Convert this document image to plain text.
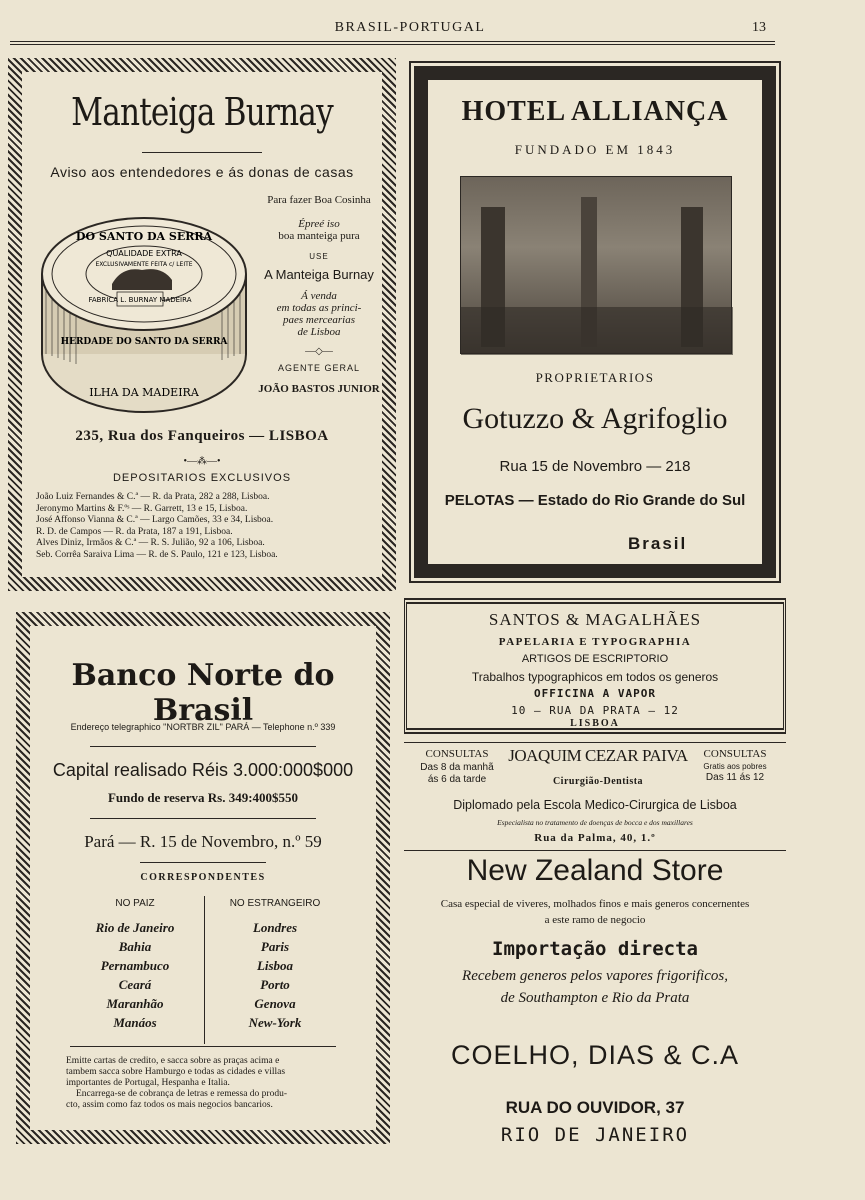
BRASIL-PORTUGAL	13
Manteiga Burnay
Aviso aos entendedores e ás donas de casas
FABRICA L. BURNAY MADEIRA
DO SANTO DA SERRA
QUALIDADE EXTRA
EXCLUSIVAMENTE FEITA c/ LEITE
HERDADE DO SANTO DA SERRA
ILHA DA MADEIRA
Para fazer Boa Cosinha
Épreé iso
boa manteiga pura
USE
A Manteiga Burnay
Á venda
em todas as princi-
paes mercearias
de Lisboa
—◇—
AGENTE GERAL
JOÃO BASTOS JUNIOR
235, Rua dos Fanqueiros — LISBOA
•—⁂—•
DEPOSITARIOS EXCLUSIVOS
João Luiz Fernandes & C.ª — R. da Prata, 282 a 288, Lisboa.
Jeronymo Martins & F.ºˢ — R. Garrett, 13 e 15, Lisboa.
José Affonso Vianna & C.ª — Largo Camões, 33 e 34, Lisboa.
R. D. de Campos — R. da Prata, 187 a 191, Lisboa.
Alves Diniz, Irmãos & C.ª — R. S. Julião, 92 a 106, Lisboa.
Seb. Corrêa Saraiva Lima — R. de S. Paulo, 121 e 123, Lisboa.
HOTEL ALLIANÇA
FUNDADO EM 1843
PROPRIETARIOS
Gotuzzo & Agrifoglio
Rua 15 de Novembro — 218
PELOTAS — Estado do Rio Grande do Sul
Brasil
Banco Norte do Brasil
Endereço telegraphico "NORTBR ZIL" PARÁ — Telephone n.º 339
Capital realisado Réis 3.000:000$000
Fundo de reserva Rs. 349:400$550
Pará — R. 15 de Novembro, n.º 59
CORRESPONDENTES
NO PAIZ	NO ESTRANGEIRO
Rio de Janeiro
Bahia
Pernambuco
Ceará
Maranhão
Manáos
Londres
Paris
Lisboa
Porto
Genova
New-York
Emitte cartas de credito, e sacca sobre as praças acima e
tambem sacca sobre Hamburgo e todas as cidades e villas
importantes de Portugal, Hespanha e Italia.
Encarrega-se de cobrança de letras e remessa do produ-
cto, assim como faz todos os mais negocios bancarios.
SANTOS & MAGALHÃES
PAPELARIA E TYPOGRAPHIA
ARTIGOS DE ESCRIPTORIO
Trabalhos typographicos em todos os generos
OFFICINA A VAPOR
10 — RUA DA PRATA — 12
LISBOA
CONSULTAS
Das 8 da manhã
ás 6 da tarde
JOAQUIM CEZAR PAIVA
Cirurgião-Dentista
CONSULTAS
Gratis aos pobres
Das 11 ás 12
Diplomado pela Escola Medico-Cirurgica de Lisboa
Especialista no tratamento de doenças de bocca e dos maxillares
Rua da Palma, 40, 1.º
New Zealand Store
Casa especial de viveres, molhados finos e mais generos concernentes
a este ramo de negocio
Importação directa
Recebem generos pelos vapores frigorificos,
de Southampton e Rio da Prata
COELHO, DIAS & C.A
RUA DO OUVIDOR, 37
RIO DE JANEIRO
